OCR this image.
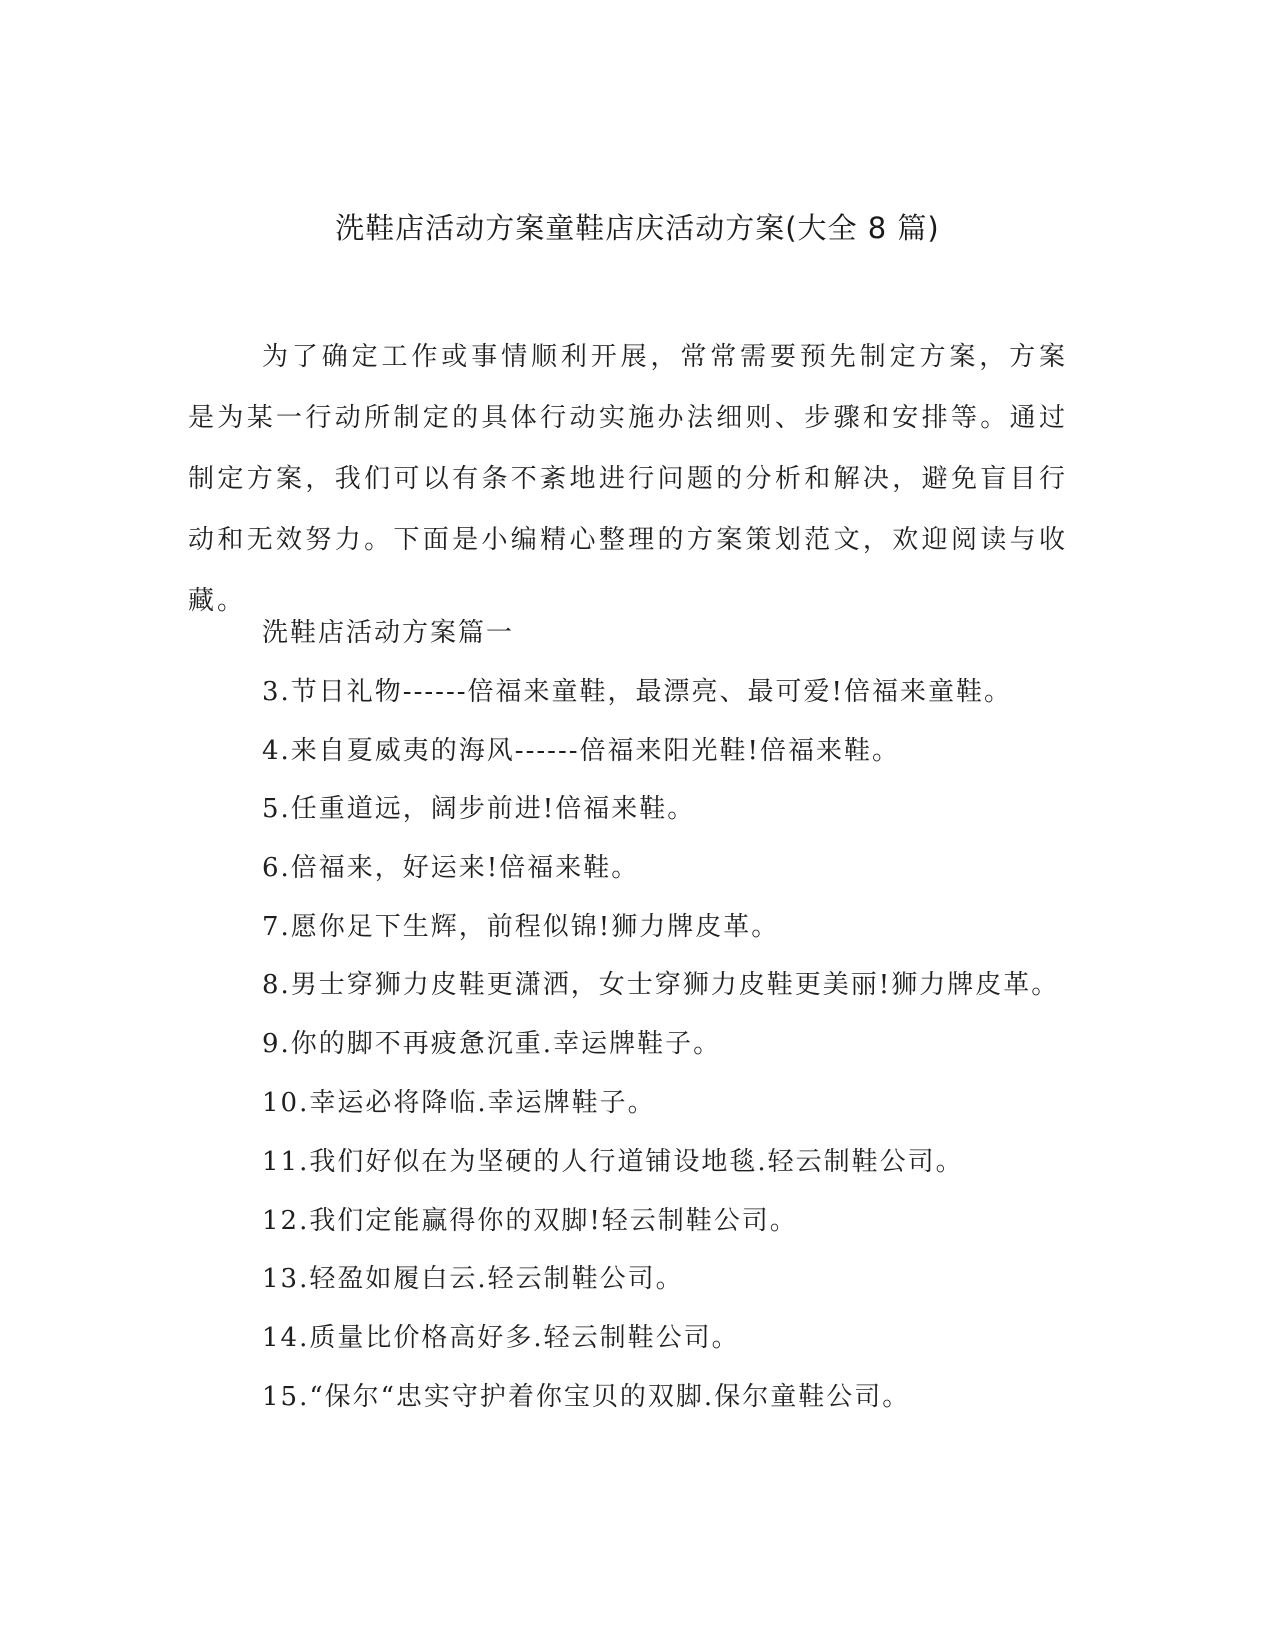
洗鞋店活动方案童鞋店庆活动方案(大全 8 篇)

为了确定工作或事情顺利开展，常常需要预先制定方案，方案是为某一行动所制定的具体行动实施办法细则、步骤和安排等。通过制定方案，我们可以有条不紊地进行问题的分析和解决，避免盲目行动和无效努力。下面是小编精心整理的方案策划范文，欢迎阅读与收藏。

洗鞋店活动方案篇一

3.节日礼物------倍福来童鞋，最漂亮、最可爱!倍福来童鞋。

4.来自夏威夷的海风------倍福来阳光鞋!倍福来鞋。

5.任重道远，阔步前进!倍福来鞋。

6.倍福来，好运来!倍福来鞋。

7.愿你足下生辉，前程似锦!狮力牌皮革。

8.男士穿狮力皮鞋更潇洒，女士穿狮力皮鞋更美丽!狮力牌皮革。

9.你的脚不再疲惫沉重.幸运牌鞋子。

10.幸运必将降临.幸运牌鞋子。

11.我们好似在为坚硬的人行道铺设地毯.轻云制鞋公司。

12.我们定能赢得你的双脚!轻云制鞋公司。

13.轻盈如履白云.轻云制鞋公司。

14.质量比价格高好多.轻云制鞋公司。

15.“保尔“忠实守护着你宝贝的双脚.保尔童鞋公司。
